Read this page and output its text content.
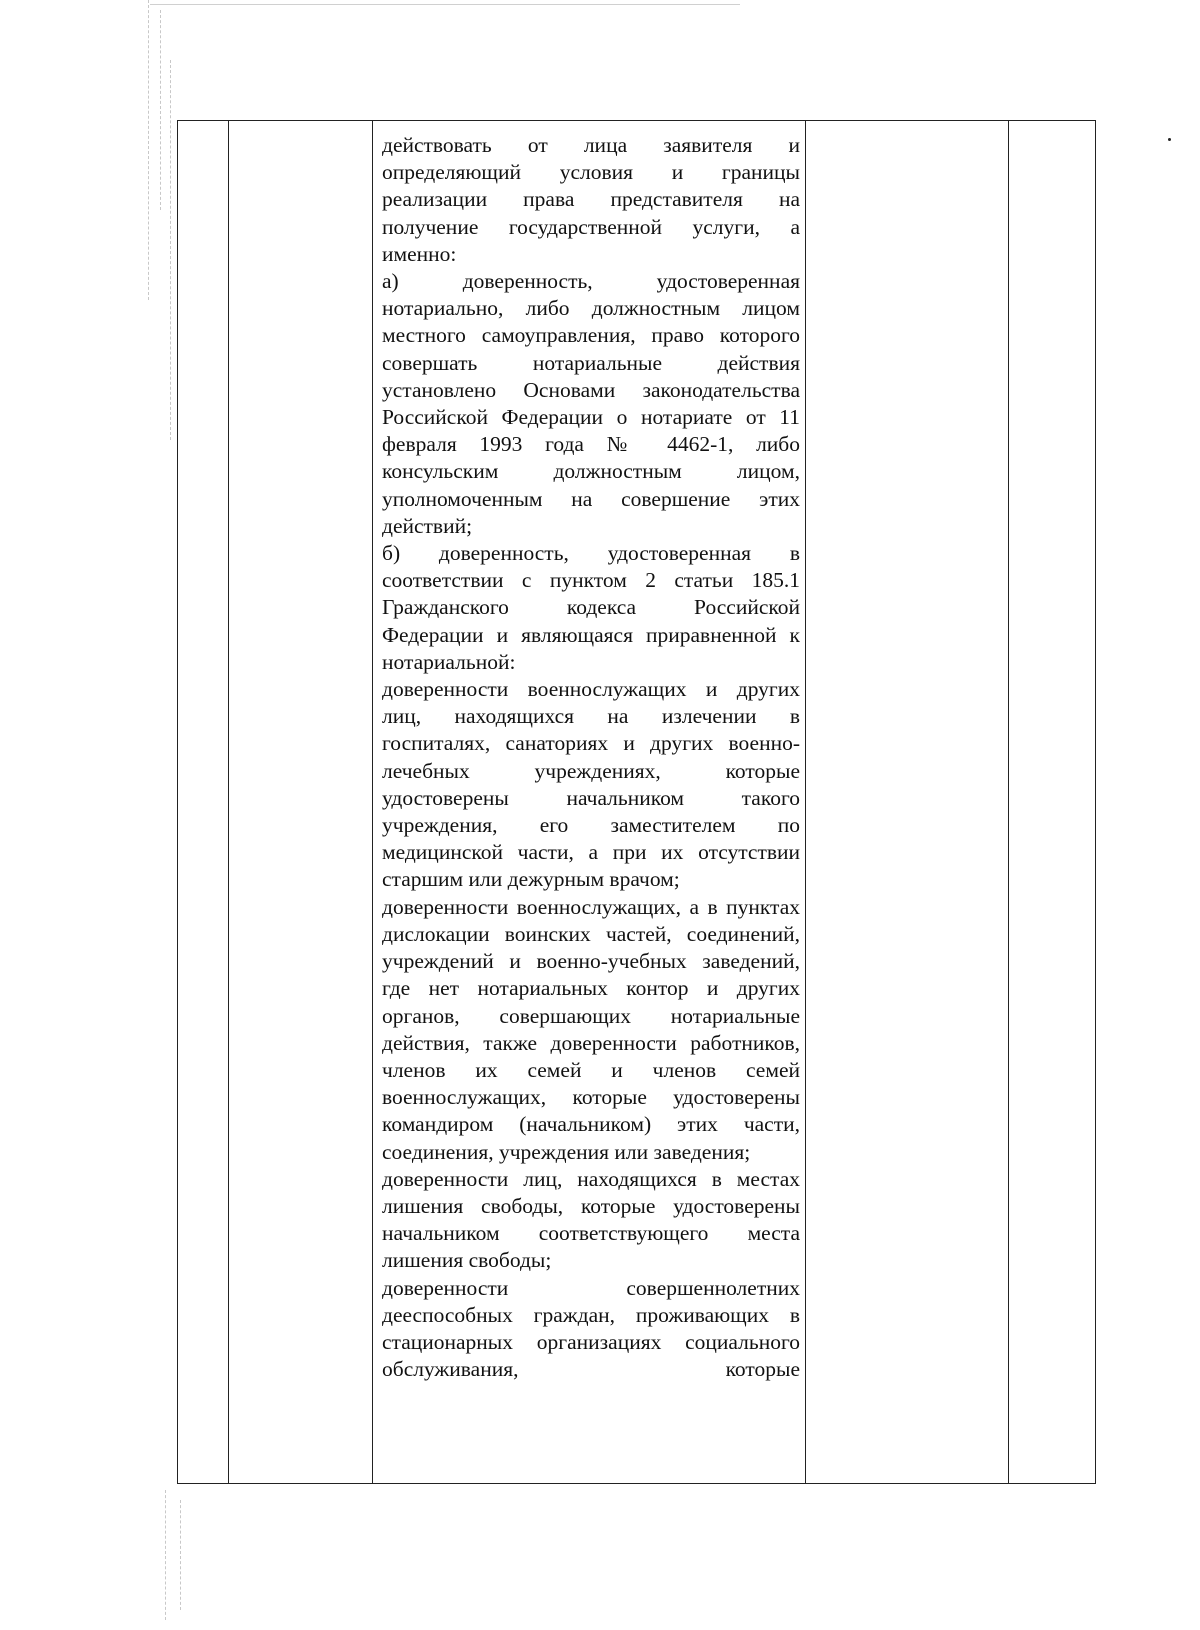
действовать от лица заявителя и определяющий условия и границы реализации права представителя на получение государственной услуги, а именно:

а) доверенность, удостоверенная нотариально, либо должностным лицом местного самоуправления, право которого совершать нотариальные действия установлено Основами законодательства Российской Федерации о нотариате от 11 февраля 1993 года № 4462-1, либо консульским должностным лицом, уполномоченным на совершение этих действий;

б) доверенность, удостоверенная в соответствии с пунктом 2 статьи 185.1 Гражданского кодекса Российской Федерации и являющаяся приравненной к нотариальной:

доверенности военнослужащих и других лиц, находящихся на излечении в госпиталях, санаториях и других военно-лечебных учреждениях, которые удостоверены начальником такого учреждения, его заместителем по медицинской части, а при их отсутствии старшим или дежурным врачом;

доверенности военнослужащих, а в пунктах дислокации воинских частей, соединений, учреждений и военно-учебных заведений, где нет нотариальных контор и других органов, совершающих нотариальные действия, также доверенности работников, членов их семей и членов семей военнослужащих, которые удостоверены командиром (начальником) этих части, соединения, учреждения или заведения;

доверенности лиц, находящихся в местах лишения свободы, которые удостоверены начальником соответствующего места лишения свободы;

доверенности совершеннолетних дееспособных граждан, проживающих в стационарных организациях социального обслуживания, которые
